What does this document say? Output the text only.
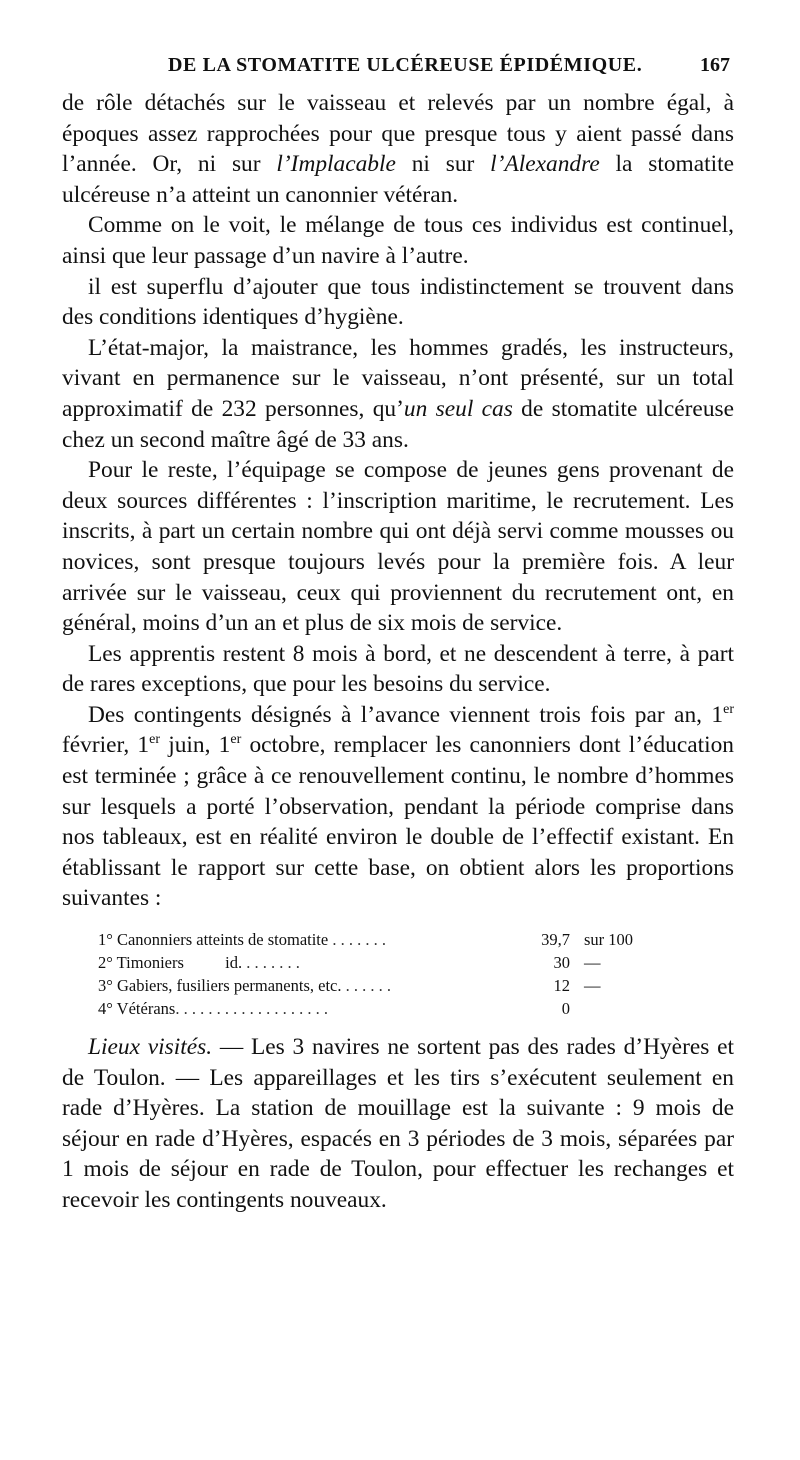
DE LA STOMATITE ULCÉREUSE ÉPIDÉMIQUE.	167

de rôle détachés sur le vaisseau et relevés par un nombre égal, à époques assez rapprochées pour que presque tous y aient passé dans l’année. Or, ni sur l’Implacable ni sur l’Alexandre la stomatite ulcéreuse n’a atteint un canonnier vétéran.

Comme on le voit, le mélange de tous ces individus est continuel, ainsi que leur passage d’un navire à l’autre.

il est superflu d’ajouter que tous indistinctement se trouvent dans des conditions identiques d’hygiène.

L’état-major, la maistrance, les hommes gradés, les instructeurs, vivant en permanence sur le vaisseau, n’ont présenté, sur un total approximatif de 232 personnes, qu’un seul cas de stomatite ulcéreuse chez un second maître âgé de 33 ans.

Pour le reste, l’équipage se compose de jeunes gens provenant de deux sources différentes : l’inscription maritime, le recrutement. Les inscrits, à part un certain nombre qui ont déjà servi comme mousses ou novices, sont presque toujours levés pour la première fois. A leur arrivée sur le vaisseau, ceux qui proviennent du recrutement ont, en général, moins d’un an et plus de six mois de service.

Les apprentis restent 8 mois à bord, et ne descendent à terre, à part de rares exceptions, que pour les besoins du service.

Des contingents désignés à l’avance viennent trois fois par an, 1er février, 1er juin, 1er octobre, remplacer les canonniers dont l’éducation est terminée ; grâce à ce renouvellement continu, le nombre d’hommes sur lesquels a porté l’observation, pendant la période comprise dans nos tableaux, est en réalité environ le double de l’effectif existant. En établissant le rapport sur cette base, on obtient alors les proportions suivantes :

1° Canonniers atteints de stomatite . . . . . . .	39,7 sur 100
2° Timoniers          id. . . . . . . .	30 —
3° Gabiers, fusiliers permanents, etc. . . . . . .	12 —
4° Vétérans. . . . . . . . . . . . . . . . . . .	0

Lieux visités. — Les 3 navires ne sortent pas des rades d’Hyères et de Toulon. — Les appareillages et les tirs s’exécutent seulement en rade d’Hyères. La station de mouillage est la suivante : 9 mois de séjour en rade d’Hyères, espacés en 3 périodes de 3 mois, séparées par 1 mois de séjour en rade de Toulon, pour effectuer les rechanges et recevoir les contingents nouveaux.
